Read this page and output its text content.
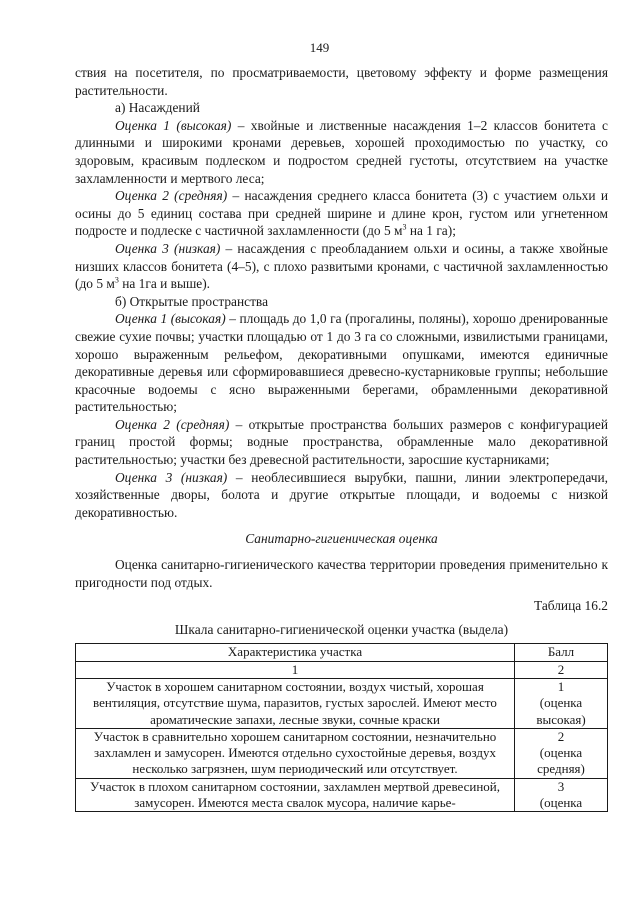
149

ствия на посетителя, по просматриваемости, цветовому эффекту и форме размещения растительности.

а) Насаждений

Оценка 1 (высокая) – хвойные и лиственные насаждения 1–2 классов бонитета с длинными и широкими кронами деревьев, хорошей проходимостью по участку, со здоровым, красивым подлеском и подростом средней густоты, отсутствием на участке захламленности и мертвого леса;

Оценка 2 (средняя) – насаждения среднего класса бонитета (3) с участием ольхи и осины до 5 единиц состава при средней ширине и длине крон, густом или угнетенном подросте и подлеске с частичной захламленности (до 5 $м^3$ на 1 га);

Оценка 3 (низкая) – насаждения с преобладанием ольхи и осины, а также хвойные низших классов бонитета (4–5), с плохо развитыми кронами, с частичной захламленностью (до 5 $м^3$ на 1га и выше).

б) Открытые пространства

Оценка 1 (высокая) – площадь до 1,0 га (прогалины, поляны), хорошо дренированные свежие сухие почвы; участки площадью от 1 до 3 га со сложными, извилистыми границами, хорошо выраженным рельефом, декоративными опушками, имеются единичные декоративные деревья или сформировавшиеся древесно-кустарниковые группы; небольшие красочные водоемы с ясно выраженными берегами, обрамленными декоративной растительностью;

Оценка 2 (средняя) – открытые пространства больших размеров с конфигурацией границ простой формы; водные пространства, обрамленные мало декоративной растительностью; участки без древесной растительности, заросшие кустарниками;

Оценка 3 (низкая) – необлесившиеся вырубки, пашни, линии электропередачи, хозяйственные дворы, болота и другие открытые площади, и водоемы с низкой декоративностью.

Санитарно-гигиеническая оценка

Оценка санитарно-гигиенического качества территории проведения применительно к пригодности под отдых.

Таблица 16.2

Шкала санитарно-гигиенической оценки участка (выдела)

Характеристика участка	Балл
1	2
Участок в хорошем санитарном состоянии, воздух чистый, хорошая вентиляция, отсутствие шума, паразитов, густых зарослей. Имеют место ароматические запахи, лесные звуки, сочные краски	1
(оценка высокая)

Участок в сравнительно хорошем санитарном состоянии, незначительно захламлен и замусорен. Имеются отдельно сухостойные деревья, воздух несколько загрязнен, шум периодический или отсутствует.	2
(оценка средняя)

Участок в плохом санитарном состоянии, захламлен мертвой древесиной, замусорен. Имеются места свалок мусора, наличие карье-	3
(оценка
